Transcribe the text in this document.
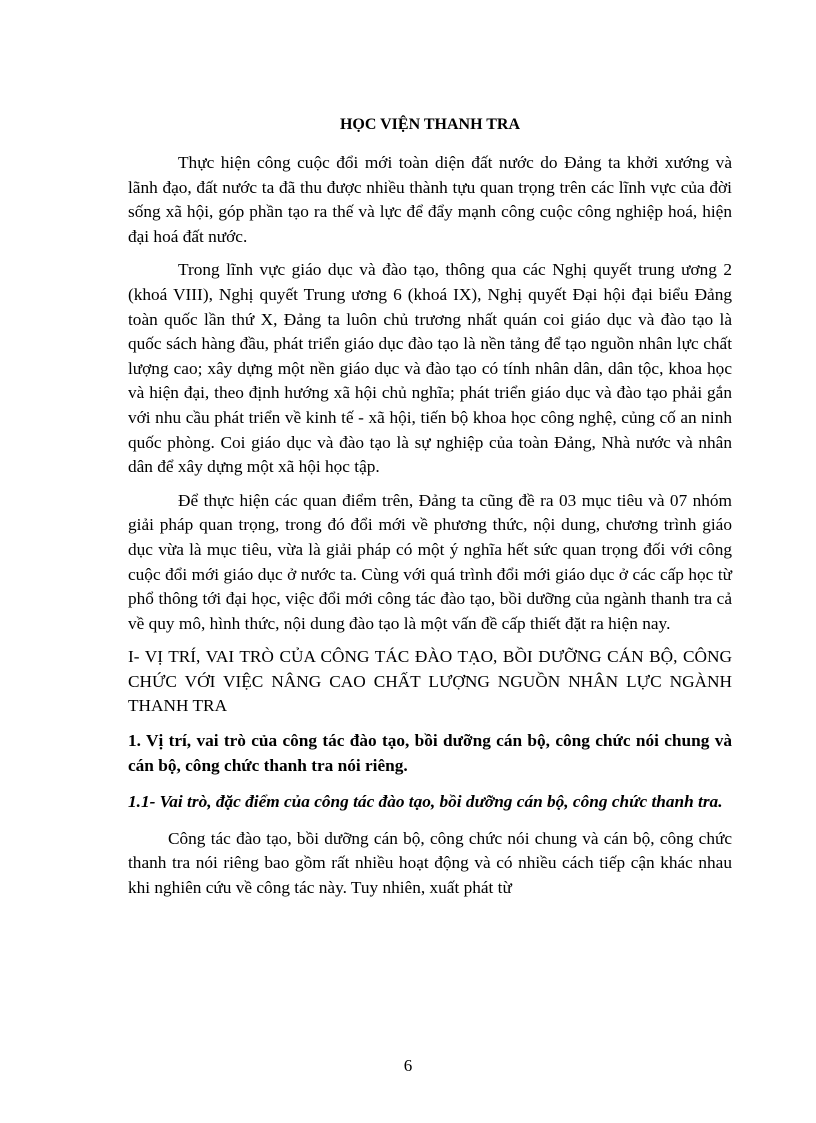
HỌC VIỆN THANH TRA

Thực hiện công cuộc đổi mới toàn diện đất nước do Đảng ta khởi xướng và lãnh đạo, đất nước ta đã thu được nhiều thành tựu quan trọng trên các lĩnh vực của đời sống xã hội, góp phần tạo ra thế và lực để đẩy mạnh công cuộc công nghiệp hoá, hiện đại hoá đất nước.

Trong lĩnh vực giáo dục và đào tạo, thông qua các Nghị quyết trung ương 2 (khoá VIII), Nghị quyết Trung ương 6 (khoá IX), Nghị quyết Đại hội đại biểu Đảng toàn quốc lần thứ X, Đảng ta luôn chủ trương nhất quán coi giáo dục và đào tạo là quốc sách hàng đầu, phát triển giáo dục đào tạo là nền tảng để tạo nguồn nhân lực chất lượng cao; xây dựng một nền giáo dục và đào tạo có tính nhân dân, dân tộc, khoa học và hiện đại, theo định hướng xã hội chủ nghĩa; phát triển giáo dục và đào tạo phải gắn với nhu cầu phát triển về kinh tế - xã hội, tiến bộ khoa học công nghệ, củng cố an ninh quốc phòng. Coi giáo dục và đào tạo là sự nghiệp của toàn Đảng, Nhà nước và nhân dân để xây dựng một xã hội học tập.

Để thực hiện các quan điểm trên, Đảng ta cũng đề ra 03 mục tiêu và 07 nhóm giải pháp quan trọng, trong đó đổi mới về phương thức, nội dung, chương trình giáo dục vừa là mục tiêu, vừa là giải pháp có một ý nghĩa hết sức quan trọng đối với công cuộc đổi mới giáo dục ở nước ta. Cùng với quá trình đổi mới giáo dục ở các cấp học từ phổ thông tới đại học, việc đổi mới công tác đào tạo, bồi dưỡng của ngành thanh tra cả về quy mô, hình thức, nội dung đào tạo là một vấn đề cấp thiết đặt ra hiện nay.

I- VỊ TRÍ, VAI TRÒ CỦA CÔNG TÁC ĐÀO TẠO, BỒI DƯỠNG CÁN BỘ, CÔNG CHỨC VỚI VIỆC NÂNG CAO CHẤT LƯỢNG NGUỒN NHÂN LỰC NGÀNH THANH TRA

1. Vị trí, vai trò của công tác đào tạo, bồi dưỡng cán bộ, công chức nói chung và cán bộ, công chức thanh tra nói riêng.

1.1- Vai trò, đặc điểm của công tác đào tạo, bồi dưỡng cán bộ, công chức thanh tra.

Công tác đào tạo, bồi dưỡng cán bộ, công chức nói chung và cán bộ, công chức thanh tra nói riêng bao gồm rất nhiều hoạt động và có nhiều cách tiếp cận khác nhau khi nghiên cứu về công tác này. Tuy nhiên, xuất phát từ

6
